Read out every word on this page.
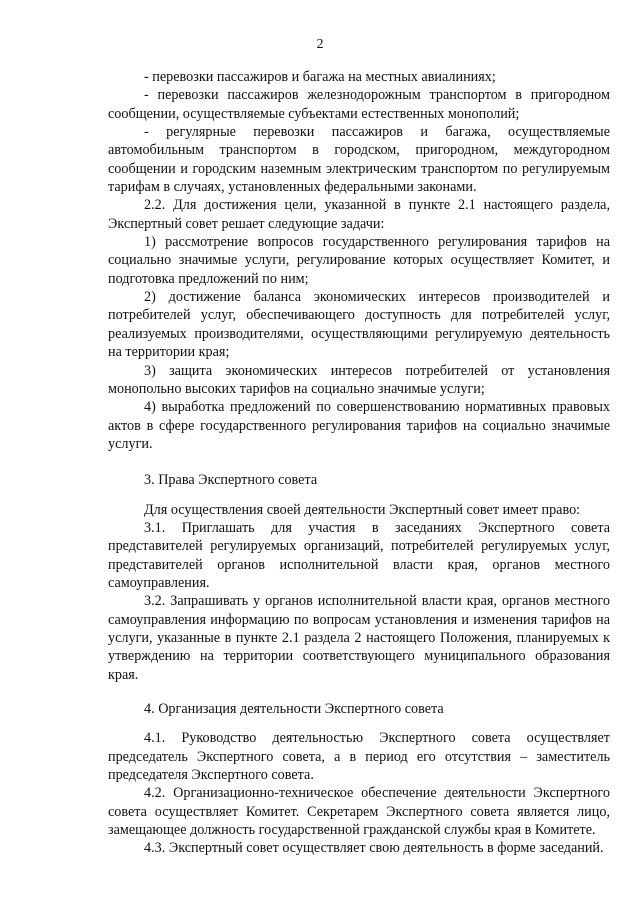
2

- перевозки пассажиров и багажа на местных авиалиниях;

- перевозки пассажиров железнодорожным транспортом в пригородном сообщении, осуществляемые субъектами естественных монополий;

- регулярные перевозки пассажиров и багажа, осуществляемые автомобильным транспортом в городском, пригородном, междугородном сообщении и городским наземным электрическим транспортом по регулируемым тарифам в случаях, установленных федеральными законами.

2.2. Для достижения цели, указанной в пункте 2.1 настоящего раздела, Экспертный совет решает следующие задачи:

1) рассмотрение вопросов государственного регулирования тарифов на социально значимые услуги, регулирование которых осуществляет Комитет, и подготовка предложений по ним;

2) достижение баланса экономических интересов производителей и потребителей услуг, обеспечивающего доступность для потребителей услуг, реализуемых производителями, осуществляющими регулируемую деятельность на территории края;

3) защита экономических интересов потребителей от установления монопольно высоких тарифов на социально значимые услуги;

4) выработка предложений по совершенствованию нормативных правовых актов в сфере государственного регулирования тарифов на социально значимые услуги.

3. Права Экспертного совета

Для осуществления своей деятельности Экспертный совет имеет право:

3.1. Приглашать для участия в заседаниях Экспертного совета представителей регулируемых организаций, потребителей регулируемых услуг, представителей органов исполнительной власти края, органов местного самоуправления.

3.2. Запрашивать у органов исполнительной власти края, органов местного самоуправления информацию по вопросам установления и изменения тарифов на услуги, указанные в пункте 2.1 раздела 2 настоящего Положения, планируемых к утверждению на территории соответствующего муниципального образования края.

4. Организация деятельности Экспертного совета

4.1. Руководство деятельностью Экспертного совета осуществляет председатель Экспертного совета, а в период его отсутствия – заместитель председателя Экспертного совета.

4.2. Организационно-техническое обеспечение деятельности Экспертного совета осуществляет Комитет. Секретарем Экспертного совета является лицо, замещающее должность государственной гражданской службы края в Комитете.

4.3. Экспертный совет осуществляет свою деятельность в форме заседаний.
